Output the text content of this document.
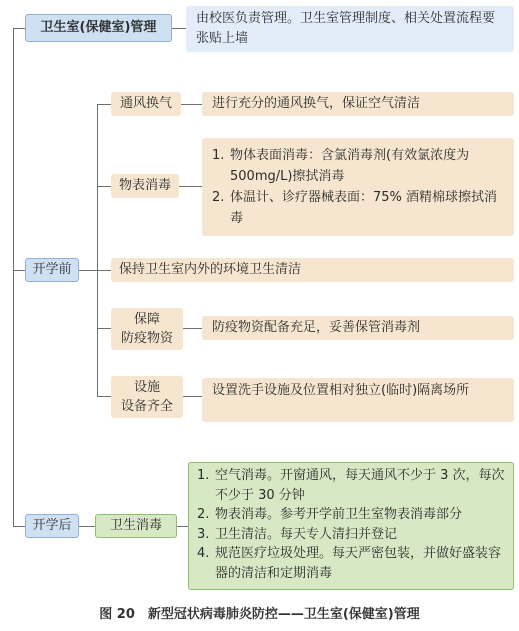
卫生室(保健室)管理
由校医负责管理。卫生室管理制度、相关处置流程要张贴上墙
开学前
通风换气	进行充分的通风换气，保证空气清洁
物表消毒
1. 物体表面消毒：含氯消毒剂(有效氯浓度为500mg/L)擦拭消毒
2. 体温计、诊疗器械表面：75% 酒精棉球擦拭消毒
保持卫生室内外的环境卫生清洁
保障
防疫物资
防疫物资配备充足，妥善保管消毒剂
设施
设备齐全
设置洗手设施及位置相对独立(临时)隔离场所
开学后	卫生消毒
1. 空气消毒。开窗通风，每天通风不少于 3 次，每次不少于 30 分钟
2. 物表消毒。参考开学前卫生室物表消毒部分
3. 卫生清洁。每天专人清扫并登记
4. 规范医疗垃圾处理。每天严密包装，并做好盛装容器的清洁和定期消毒
图 20　新型冠状病毒肺炎防控——卫生室(保健室)管理
